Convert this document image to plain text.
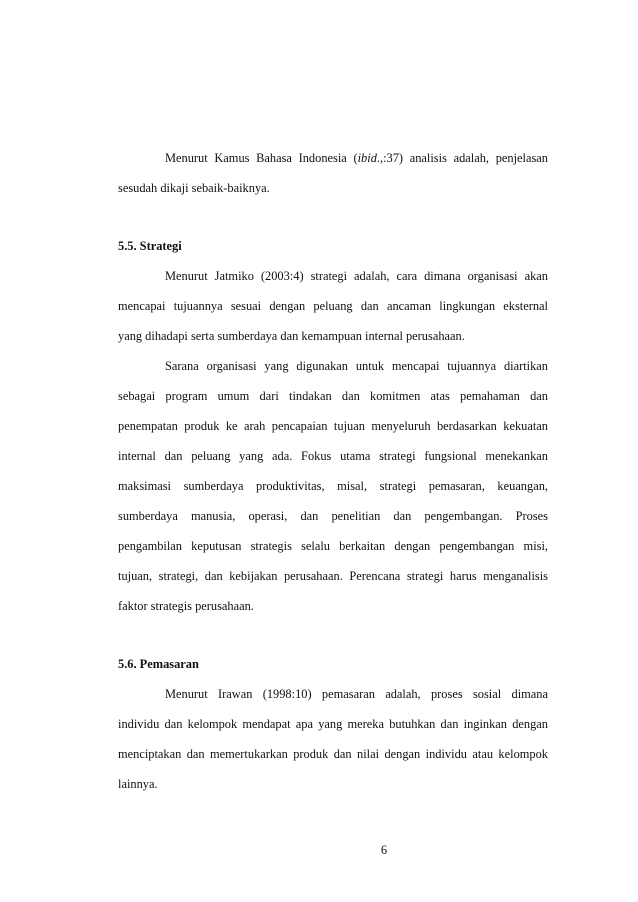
Menurut Kamus Bahasa Indonesia (ibid.,:37) analisis adalah, penjelasan
sesudah dikaji sebaik-baiknya.
5.5. Strategi
Menurut Jatmiko (2003:4) strategi adalah, cara dimana organisasi akan
mencapai tujuannya sesuai dengan peluang dan ancaman lingkungan eksternal
yang dihadapi serta sumberdaya dan kemampuan internal perusahaan.
Sarana organisasi yang digunakan untuk mencapai tujuannya diartikan
sebagai program umum dari tindakan dan komitmen atas pemahaman dan
penempatan produk ke arah pencapaian tujuan menyeluruh berdasarkan kekuatan
internal dan peluang yang ada. Fokus utama strategi fungsional menekankan
maksimasi sumberdaya produktivitas, misal, strategi pemasaran, keuangan,
sumberdaya manusia, operasi, dan penelitian dan pengembangan. Proses
pengambilan keputusan strategis selalu berkaitan dengan pengembangan misi,
tujuan, strategi, dan kebijakan perusahaan. Perencana strategi harus menganalisis
faktor strategis perusahaan.
5.6. Pemasaran
Menurut Irawan (1998:10) pemasaran adalah, proses sosial dimana
individu dan kelompok mendapat apa yang mereka butuhkan dan inginkan dengan
menciptakan dan memertukarkan produk dan nilai dengan individu atau kelompok
lainnya.
6
